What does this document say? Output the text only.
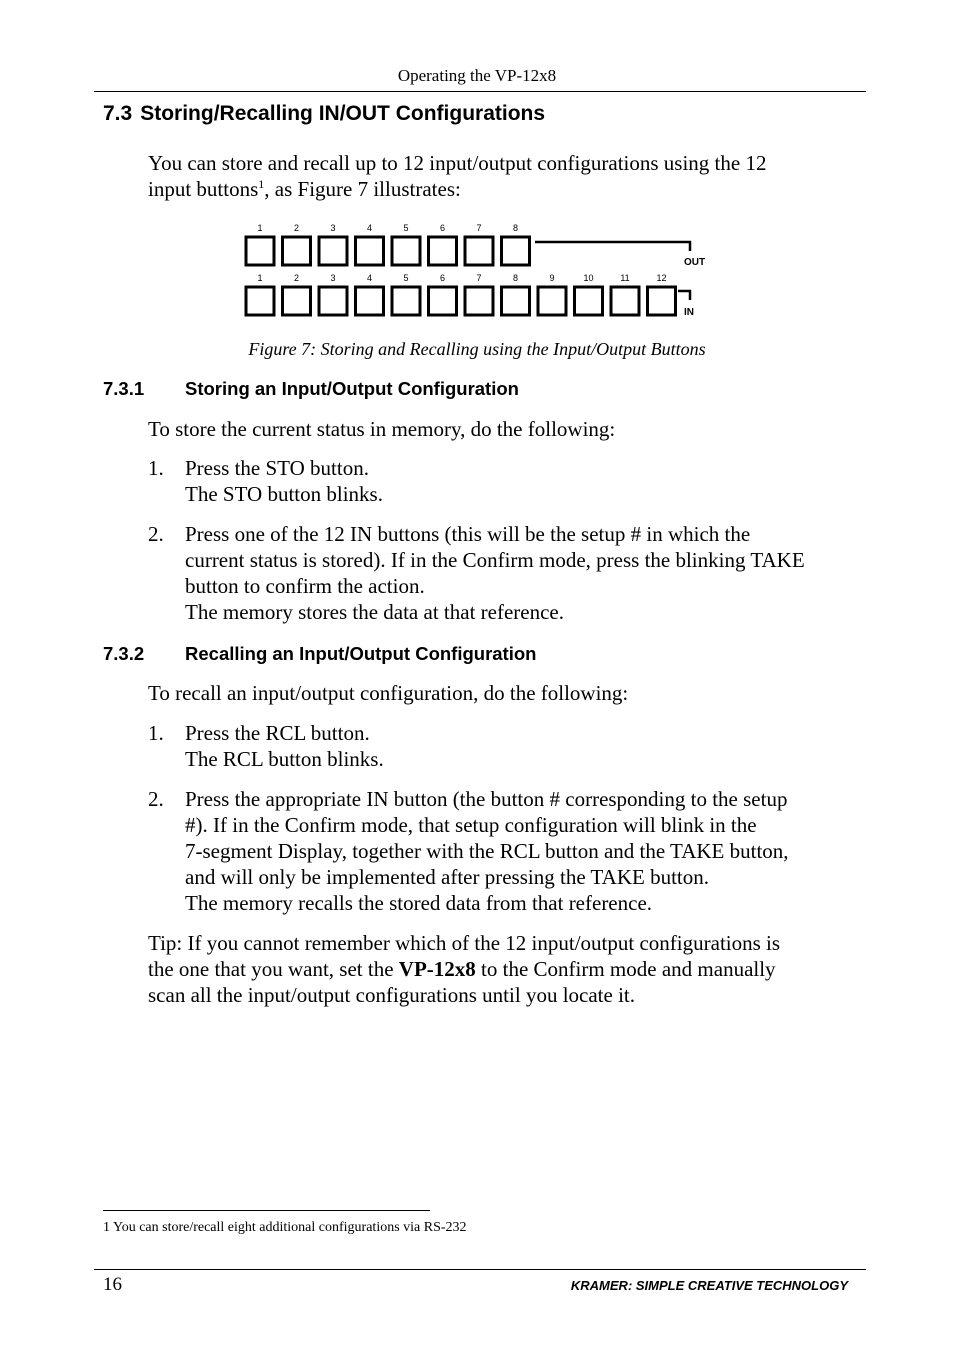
Operating the VP-12x8
7.3 Storing/Recalling IN/OUT Configurations
You can store and recall up to 12 input/output configurations using the 12
input buttons$^1$, as Figure 7 illustrates:
1	2	3	4	5	6	7	8
1	2	3	4	5	6	7	8	9	10	11	12
OUT
IN
Figure 7: Storing and Recalling using the Input/Output Buttons
7.3.1 Storing an Input/Output Configuration
To store the current status in memory, do the following:
1. Press the STO button.
The STO button blinks.
2. Press one of the 12 IN buttons (this will be the setup # in which the
current status is stored). If in the Confirm mode, press the blinking TAKE
button to confirm the action.
The memory stores the data at that reference.
7.3.2 Recalling an Input/Output Configuration
To recall an input/output configuration, do the following:
1. Press the RCL button.
The RCL button blinks.
2. Press the appropriate IN button (the button # corresponding to the setup
#). If in the Confirm mode, that setup configuration will blink in the
7-segment Display, together with the RCL button and the TAKE button,
and will only be implemented after pressing the TAKE button.
The memory recalls the stored data from that reference.
Tip: If you cannot remember which of the 12 input/output configurations is
the one that you want, set the VP-12x8 to the Confirm mode and manually
scan all the input/output configurations until you locate it.
1 You can store/recall eight additional configurations via RS-232
16	KRAMER: SIMPLE CREATIVE TECHNOLOGY
